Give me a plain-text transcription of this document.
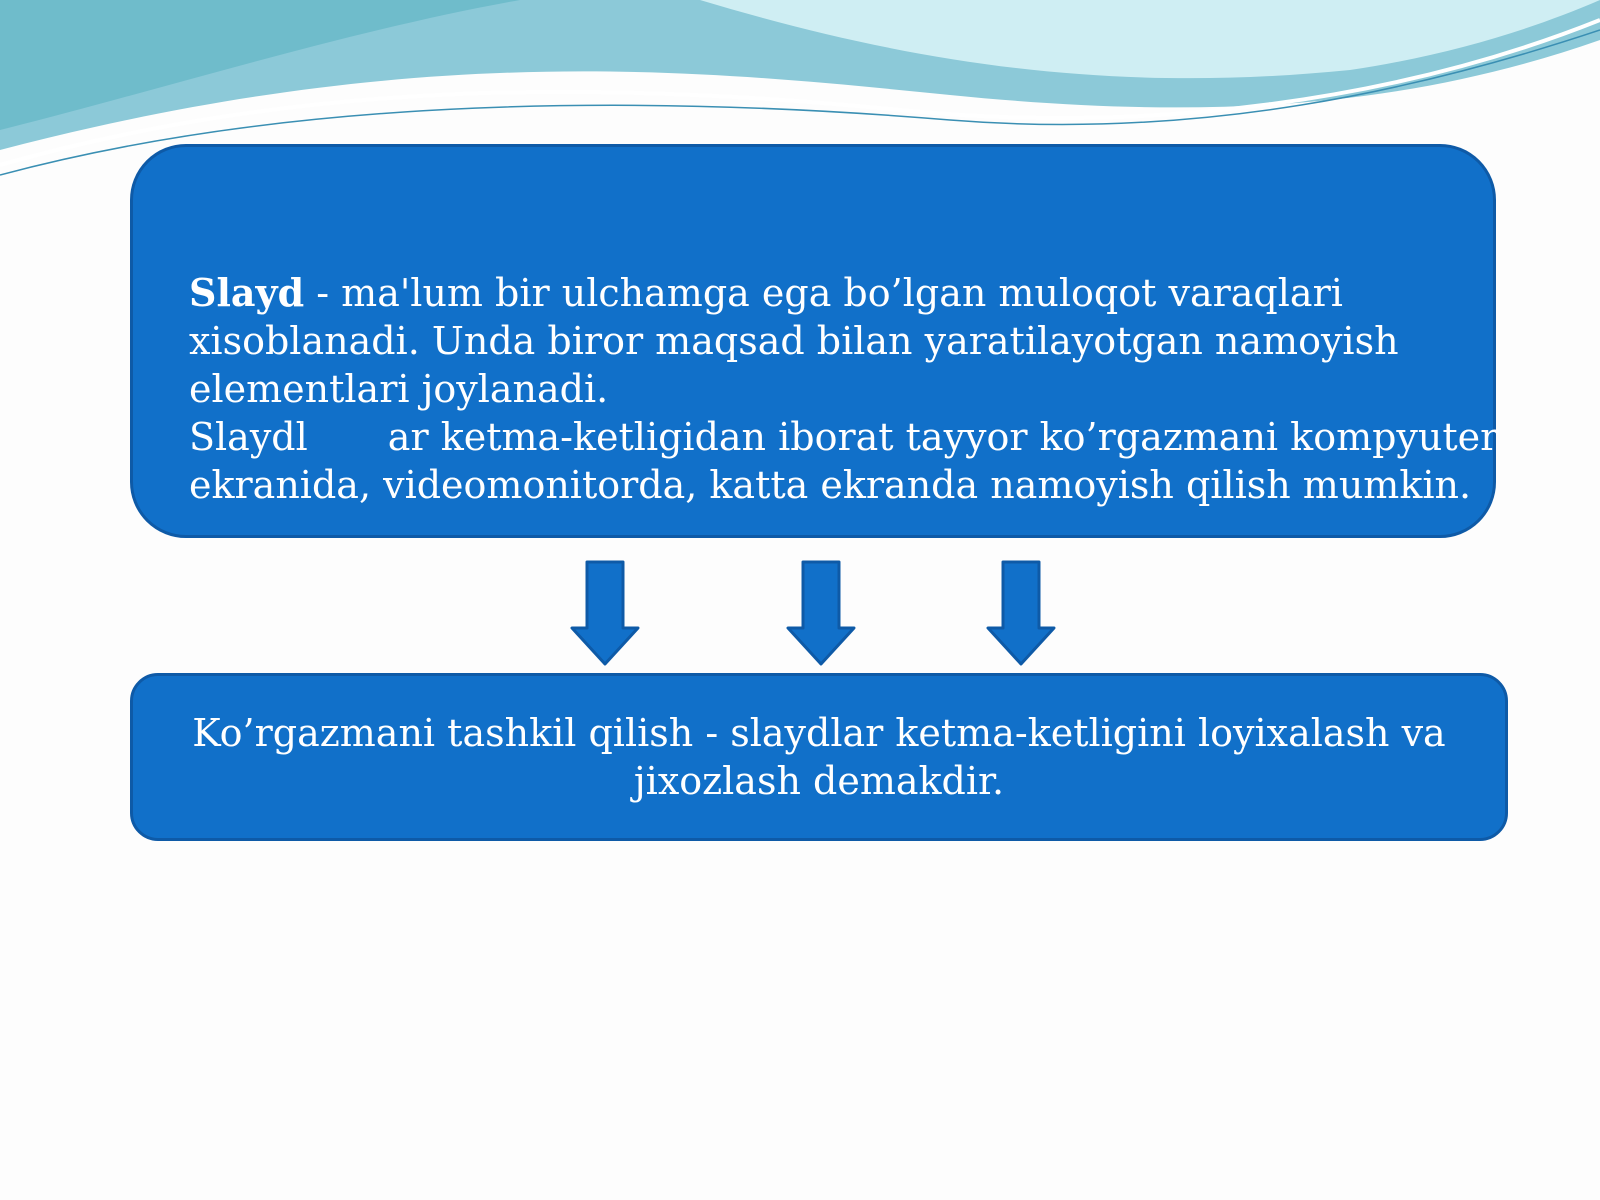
Slayd - ma'lum bir ulchamga ega bo’lgan muloqot varaqlari
xisoblanadi. Unda biror maqsad bilan yaratilayotgan namoyish
elementlari joylanadi.
Slaydl ar ketma-ketligidan iborat tayyor ko’rgazmani kompyuter
ekranida, videomonitorda, katta ekranda namoyish qilish mumkin.
Ko’rgazmani tashkil qilish - slaydlar ketma-ketligini loyixalash va jixozlash demakdir.
